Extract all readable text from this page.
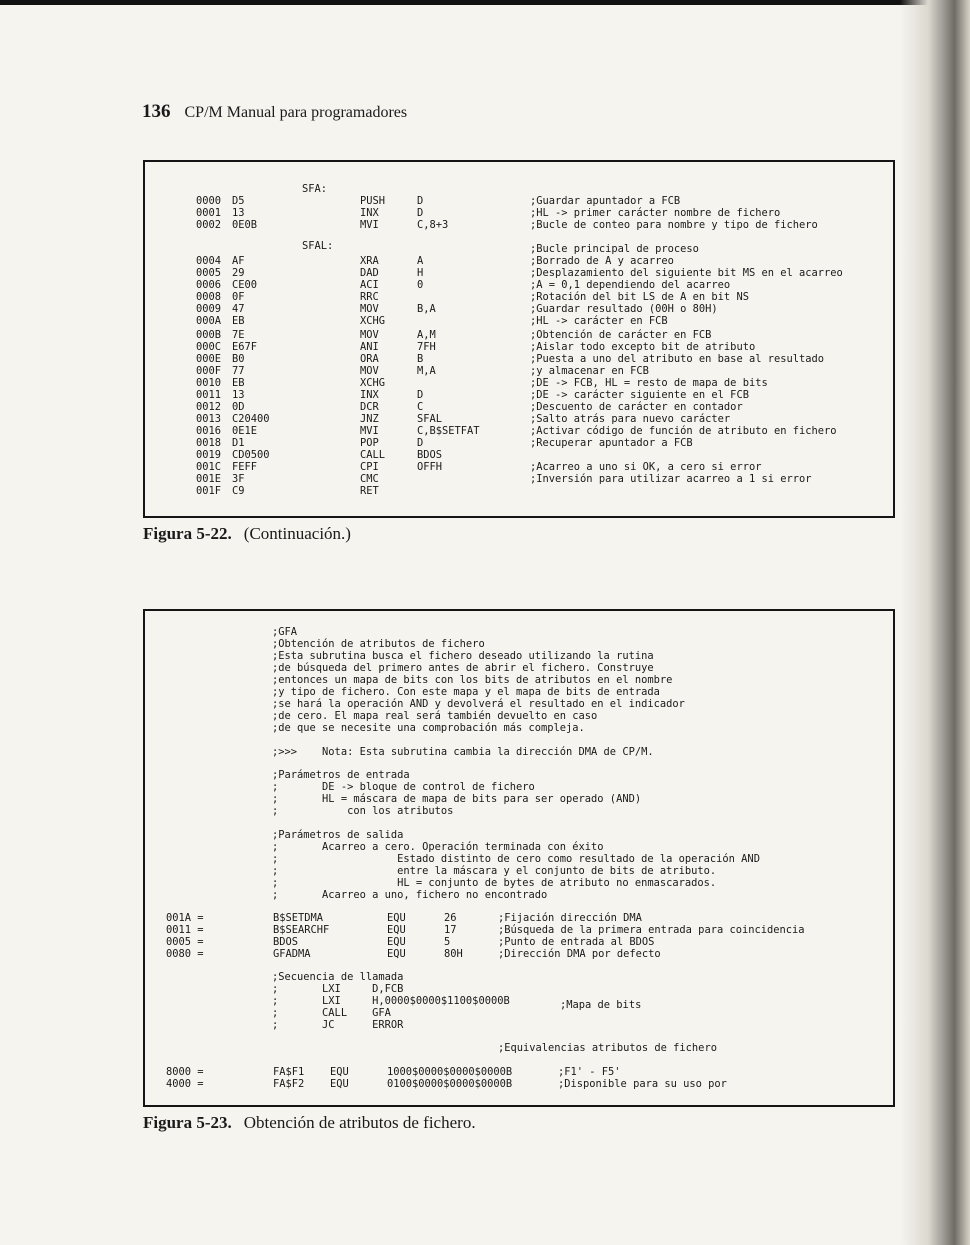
136 CP/M Manual para programadores
SFA:
SFAL:
0000 D5	PUSH	D	;Guardar apuntador a FCB
0001 13	INX	D	;HL -> primer carácter nombre de fichero
0002 0E0B	MVI	C,8+3	;Bucle de conteo para nombre y tipo de fichero
;Bucle principal de proceso
0004 AF	XRA	A	;Borrado de A y acarreo
0005 29	DAD	H	;Desplazamiento del siguiente bit MS en el acarreo
0006 CE00	ACI	0	;A = 0,1 dependiendo del acarreo
0008 0F	RRC	;Rotación del bit LS de A en bit NS
0009 47	MOV	B,A	;Guardar resultado (00H o 80H)
000A EB	XCHG	;HL -> carácter en FCB
000B 7E	MOV	A,M	;Obtención de carácter en FCB
000C E67F	ANI	7FH	;Aislar todo excepto bit de atributo
000E B0	ORA	B	;Puesta a uno del atributo en base al resultado
000F 77	MOV	M,A	;y almacenar en FCB
0010 EB	XCHG	;DE -> FCB, HL = resto de mapa de bits
0011 13	INX	D	;DE -> carácter siguiente en el FCB
0012 0D	DCR	C	;Descuento de carácter en contador
0013 C20400	JNZ	SFAL	;Salto atrás para nuevo carácter
0016 0E1E	MVI	C,B$SETFAT	;Activar código de función de atributo en fichero
0018 D1	POP	D	;Recuperar apuntador a FCB
0019 CD0500	CALL	BDOS
001C FEFF	CPI	OFFH	;Acarreo a uno si OK, a cero si error
001E 3F	CMC	;Inversión para utilizar acarreo a 1 si error
001F C9	RET
Figura 5-22. (Continuación.)
;GFA
;Obtención de atributos de fichero
;Esta subrutina busca el fichero deseado utilizando la rutina
;de búsqueda del primero antes de abrir el fichero. Construye
;entonces un mapa de bits con los bits de atributos en el nombre
;y tipo de fichero. Con este mapa y el mapa de bits de entrada
;se hará la operación AND y devolverá el resultado en el indicador
;de cero. El mapa real será también devuelto en caso
;de que se necesite una comprobación más compleja.
;>>>    Nota: Esta subrutina cambia la dirección DMA de CP/M.
;Parámetros de entrada
;       DE -> bloque de control de fichero
;       HL = máscara de mapa de bits para ser operado (AND)
;           con los atributos
;Parámetros de salida
;       Acarreo a cero. Operación terminada con éxito
;                   Estado distinto de cero como resultado de la operación AND
;                   entre la máscara y el conjunto de bits de atributo.
;                   HL = conjunto de bytes de atributo no enmascarados.
;       Acarreo a uno, fichero no encontrado
001A =	B$SETDMA	EQU	26	;Fijación dirección DMA
0011 =	B$SEARCHF	EQU	17	;Búsqueda de la primera entrada para coincidencia
0005 =	BDOS	EQU	5	;Punto de entrada al BDOS
0080 =	GFADMA	EQU	80H	;Dirección DMA por defecto
;Secuencia de llamada
;       LXI     D,FCB
;       LXI     H,0000$0000$1100$0000B
;       CALL    GFA
;       JC      ERROR
;Mapa de bits
;Equivalencias atributos de fichero
8000 =	FA$F1 EQU	1000$0000$0000$0000B	;F1' - F5'
4000 =	FA$F2 EQU	0100$0000$0000$0000B	;Disponible para su uso por
Figura 5-23. Obtención de atributos de fichero.
